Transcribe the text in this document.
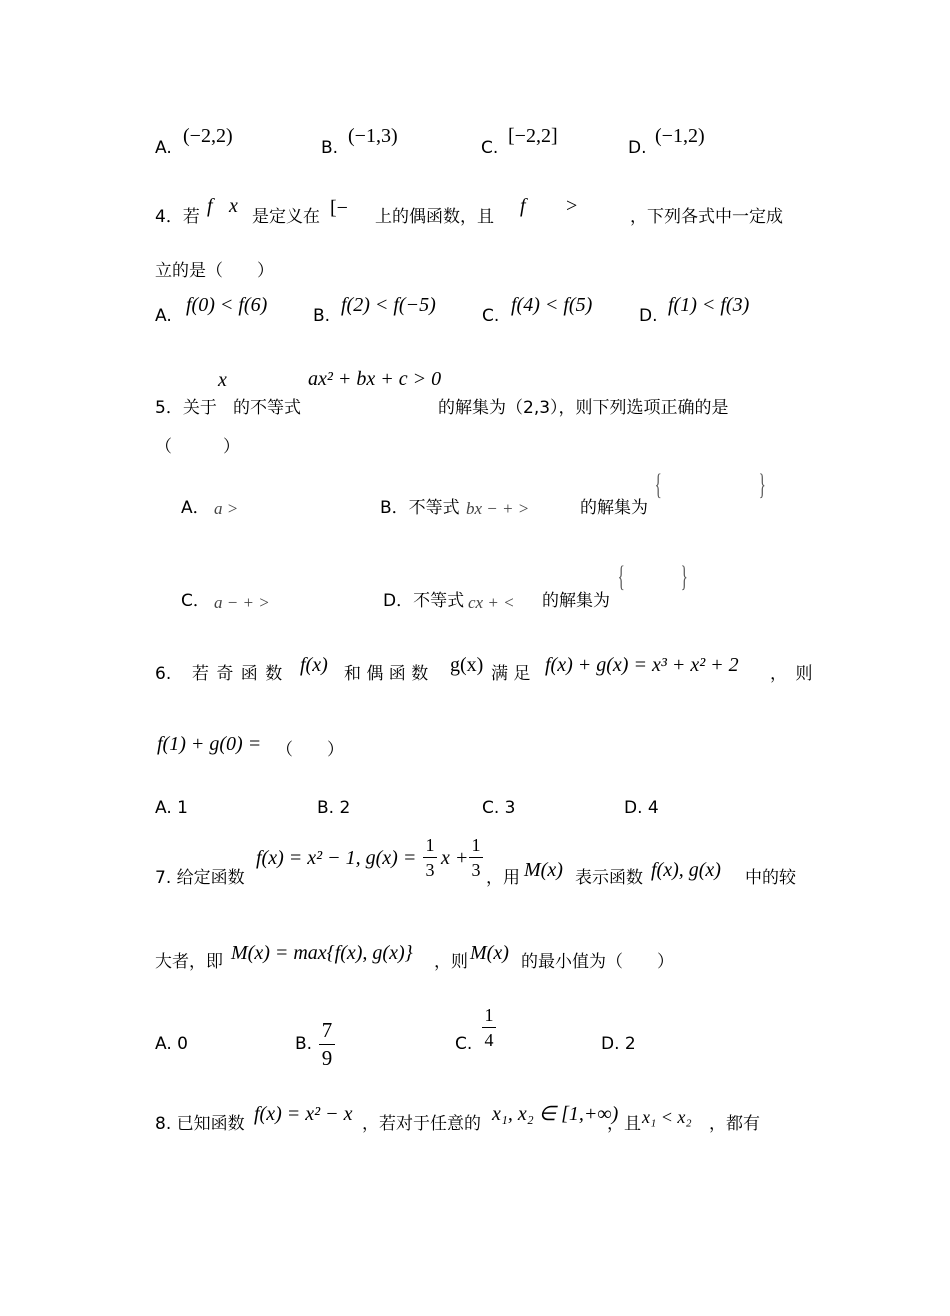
A.
(−2,2)
B.
(−1,3)
C.
[−2,2]
D.
(−1,2)
4．若 f x 是定义在 [− 上的偶函数，且 f >	，下列各式中一定成
立的是（　　）
A. f(0) < f(6)	B. f(2) < f(−5)	C. f(4) < f(5)	D. f(1) < f(3)
x	ax² + bx + c > 0
5．关于 的不等式	的解集为（2,3），则下列选项正确的是
（　　　）
A． a >	B．不等式 bx − + >	的解集为
{	}
C． a − + >	D．不等式 cx + < 的解集为
{ }
6. 若 奇 函 数 f(x) 和 偶 函 数 g(x) 满 足 f(x) + g(x) = x³ + x² + 2 ，　则
f(1) + g(0) = （　　）
A. 1	B. 2	C. 3	D. 4
7. 给定函数
f(x) = x² − 1, g(x) =
1
3
x +
1
3 ，用 M(x) 表示函数 f(x), g(x) 中的较
大者，即 M(x) = max{f(x), g(x)} ，则 M(x) 的最小值为（　　）
A. 0	B.
7
9
C.
1
4	D. 2
8. 已知函数 f(x) = x² − x ，若对于任意的 x₁, x₂ ∈ [1,+∞)
，且 x₁ < x₂ ，都有
